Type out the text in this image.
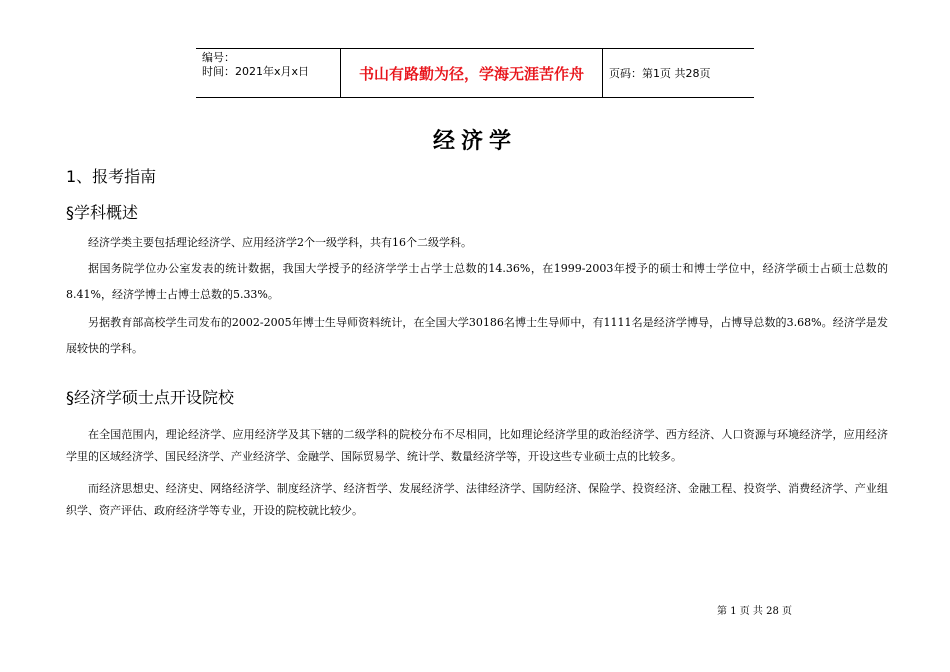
编号：
时间：2021年x月x日	书山有路勤为径，学海无涯苦作舟	页码：第1页 共28页
经济学
1、报考指南
§学科概述
经济学类主要包括理论经济学、应用经济学2个一级学科，共有16个二级学科。
据国务院学位办公室发表的统计数据，我国大学授予的经济学学士占学士总数的14.36%，在1999-2003年授予的硕士和博士学位中，经济学硕士占硕士总数的8.41%，经济学博士占博士总数的5.33%。
另据教育部高校学生司发布的2002-2005年博士生导师资料统计，在全国大学30186名博士生导师中，有1111名是经济学博导，占博导总数的3.68%。经济学是发展较快的学科。
§经济学硕士点开设院校
在全国范围内，理论经济学、应用经济学及其下辖的二级学科的院校分布不尽相同，比如理论经济学里的政治经济学、西方经济、人口资源与环境经济学，应用经济学里的区域经济学、国民经济学、产业经济学、金融学、国际贸易学、统计学、数量经济学等，开设这些专业硕士点的比较多。
而经济思想史、经济史、网络经济学、制度经济学、经济哲学、发展经济学、法律经济学、国防经济、保险学、投资经济、金融工程、投资学、消费经济学、产业组织学、资产评估、政府经济学等专业，开设的院校就比较少。
第 1 页 共 28 页
